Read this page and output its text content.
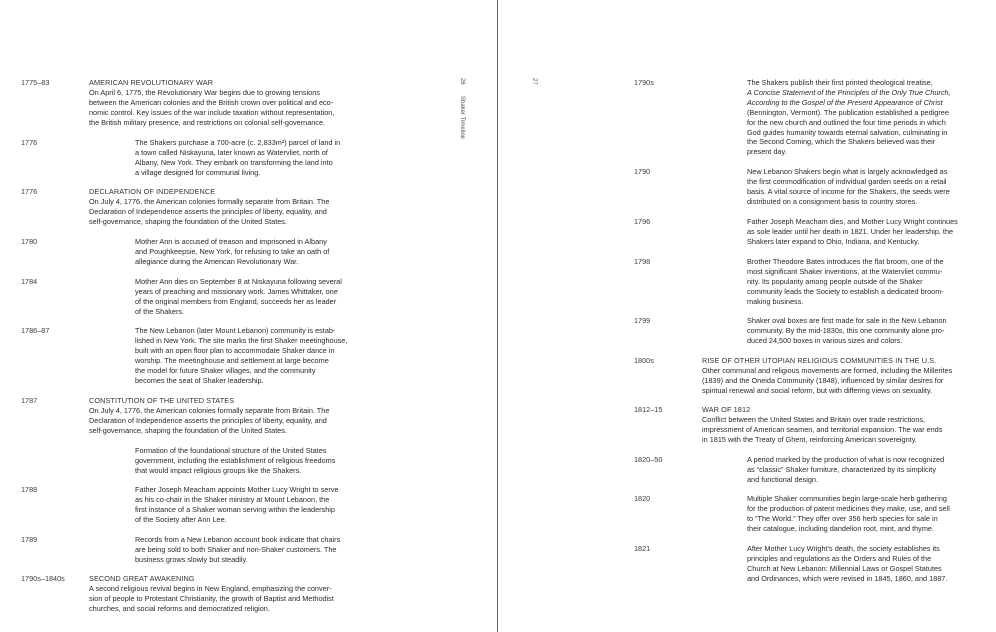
1775–83	AMERICAN REVOLUTIONARY WAR

On April 6, 1775, the Revolutionary War begins due to growing tensions

between the American colonies and the British crown over political and eco-

nomic control. Key issues of the war include taxation without representation,

the British military presence, and restrictions on colonial self-governance.

1776	The Shakers purchase a 700-acre (c. 2,833m²) parcel of land in

a town called Niskayuna, later known as Watervliet, north of

Albany, New York. They embark on transforming the land into

a village designed for communal living.

1776	DECLARATION OF INDEPENDENCE

On July 4, 1776, the American colonies formally separate from Britain. The

Declaration of Independence asserts the principles of liberty, equality, and

self-governance, shaping the foundation of the United States.

1780	Mother Ann is accused of treason and imprisoned in Albany

and Poughkeepsie, New York, for refusing to take an oath of

allegiance during the American Revolutionary War.

1784	Mother Ann dies on September 8 at Niskayuna following several

years of preaching and missionary work. James Whittaker, one

of the original members from England, succeeds her as leader

of the Shakers.

1786–87	The New Lebanon (later Mount Lebanon) community is estab-

lished in New York. The site marks the first Shaker meetinghouse,

built with an open floor plan to accommodate Shaker dance in

worship. The meetinghouse and settlement at large become

the model for future Shaker villages, and the community

becomes the seat of Shaker leadership.

1787	CONSTITUTION OF THE UNITED STATES

On July 4, 1776, the American colonies formally separate from Britain. The

Declaration of Independence asserts the principles of liberty, equality, and

self-governance, shaping the foundation of the United States.

Formation of the foundational structure of the United States

government, including the establishment of religious freedoms

that would impact religious groups like the Shakers.

1788	Father Joseph Meacham appoints Mother Lucy Wright to serve

as his co-chair in the Shaker ministry at Mount Lebanon, the

first instance of a Shaker woman serving within the leadership

of the Society after Ann Lee.

1789	Records from a New Lebanon account book indicate that chairs

are being sold to both Shaker and non-Shaker customers. The

business grows slowly but steadily.

1790s–1840s	SECOND GREAT AWAKENING

A second religious revival begins in New England, emphasizing the conver-

sion of people to Protestant Christianity, the growth of Baptist and Methodist

churches, and social reforms and democratized religion.

26
Shaker Timeline
27	1790s	The Shakers publish their first printed theological treatise,

A Concise Statement of the Principles of the Only True Church,

According to the Gospel of the Present Appearance of Christ

(Bennington, Vermont). The publication established a pedigree

for the new church and outlined the four time periods in which

God guides humanity towards eternal salvation, culminating in

the Second Coming, which the Shakers believed was their

present day.

1790	New Lebanon Shakers begin what is largely acknowledged as

the first commodification of individual garden seeds on a retail

basis. A vital source of income for the Shakers, the seeds were

distributed on a consignment basis to country stores.

1796	Father Joseph Meacham dies, and Mother Lucy Wright continues

as sole leader until her death in 1821. Under her leadership, the

Shakers later expand to Ohio, Indiana, and Kentucky.

1798	Brother Theodore Bates introduces the flat broom, one of the

most significant Shaker inventions, at the Watervliet commu-

nity. Its popularity among people outside of the Shaker

community leads the Society to establish a dedicated broom-

making business.

1799	Shaker oval boxes are first made for sale in the New Lebanon

community. By the mid-1830s, this one community alone pro-

duced 24,500 boxes in various sizes and colors.

1800s	RISE OF OTHER UTOPIAN RELIGIOUS COMMUNITIES IN THE U.S.

Other communal and religious movements are formed, including the Millerites

(1839) and the Oneida Community (1848), influenced by similar desires for

spiritual renewal and social reform, but with differing views on sexuality.

1812–15	WAR OF 1812

Conflict between the United States and Britain over trade restrictions,

impressment of American seamen, and territorial expansion. The war ends

in 1815 with the Treaty of Ghent, reinforcing American sovereignty.

1820–50	A period marked by the production of what is now recognized

as “classic” Shaker furniture, characterized by its simplicity

and functional design.

1820	Multiple Shaker communities begin large-scale herb gathering

for the production of patent medicines they make, use, and sell

to “The World.” They offer over 356 herb species for sale in

their catalogue, including dandelion root, mint, and thyme.

1821	After Mother Lucy Wright’s death, the society establishes its

principles and regulations as the Orders and Rules of the

Church at New Lebanon: Millennial Laws or Gospel Statutes

and Ordinances, which were revised in 1845, 1860, and 1887.
